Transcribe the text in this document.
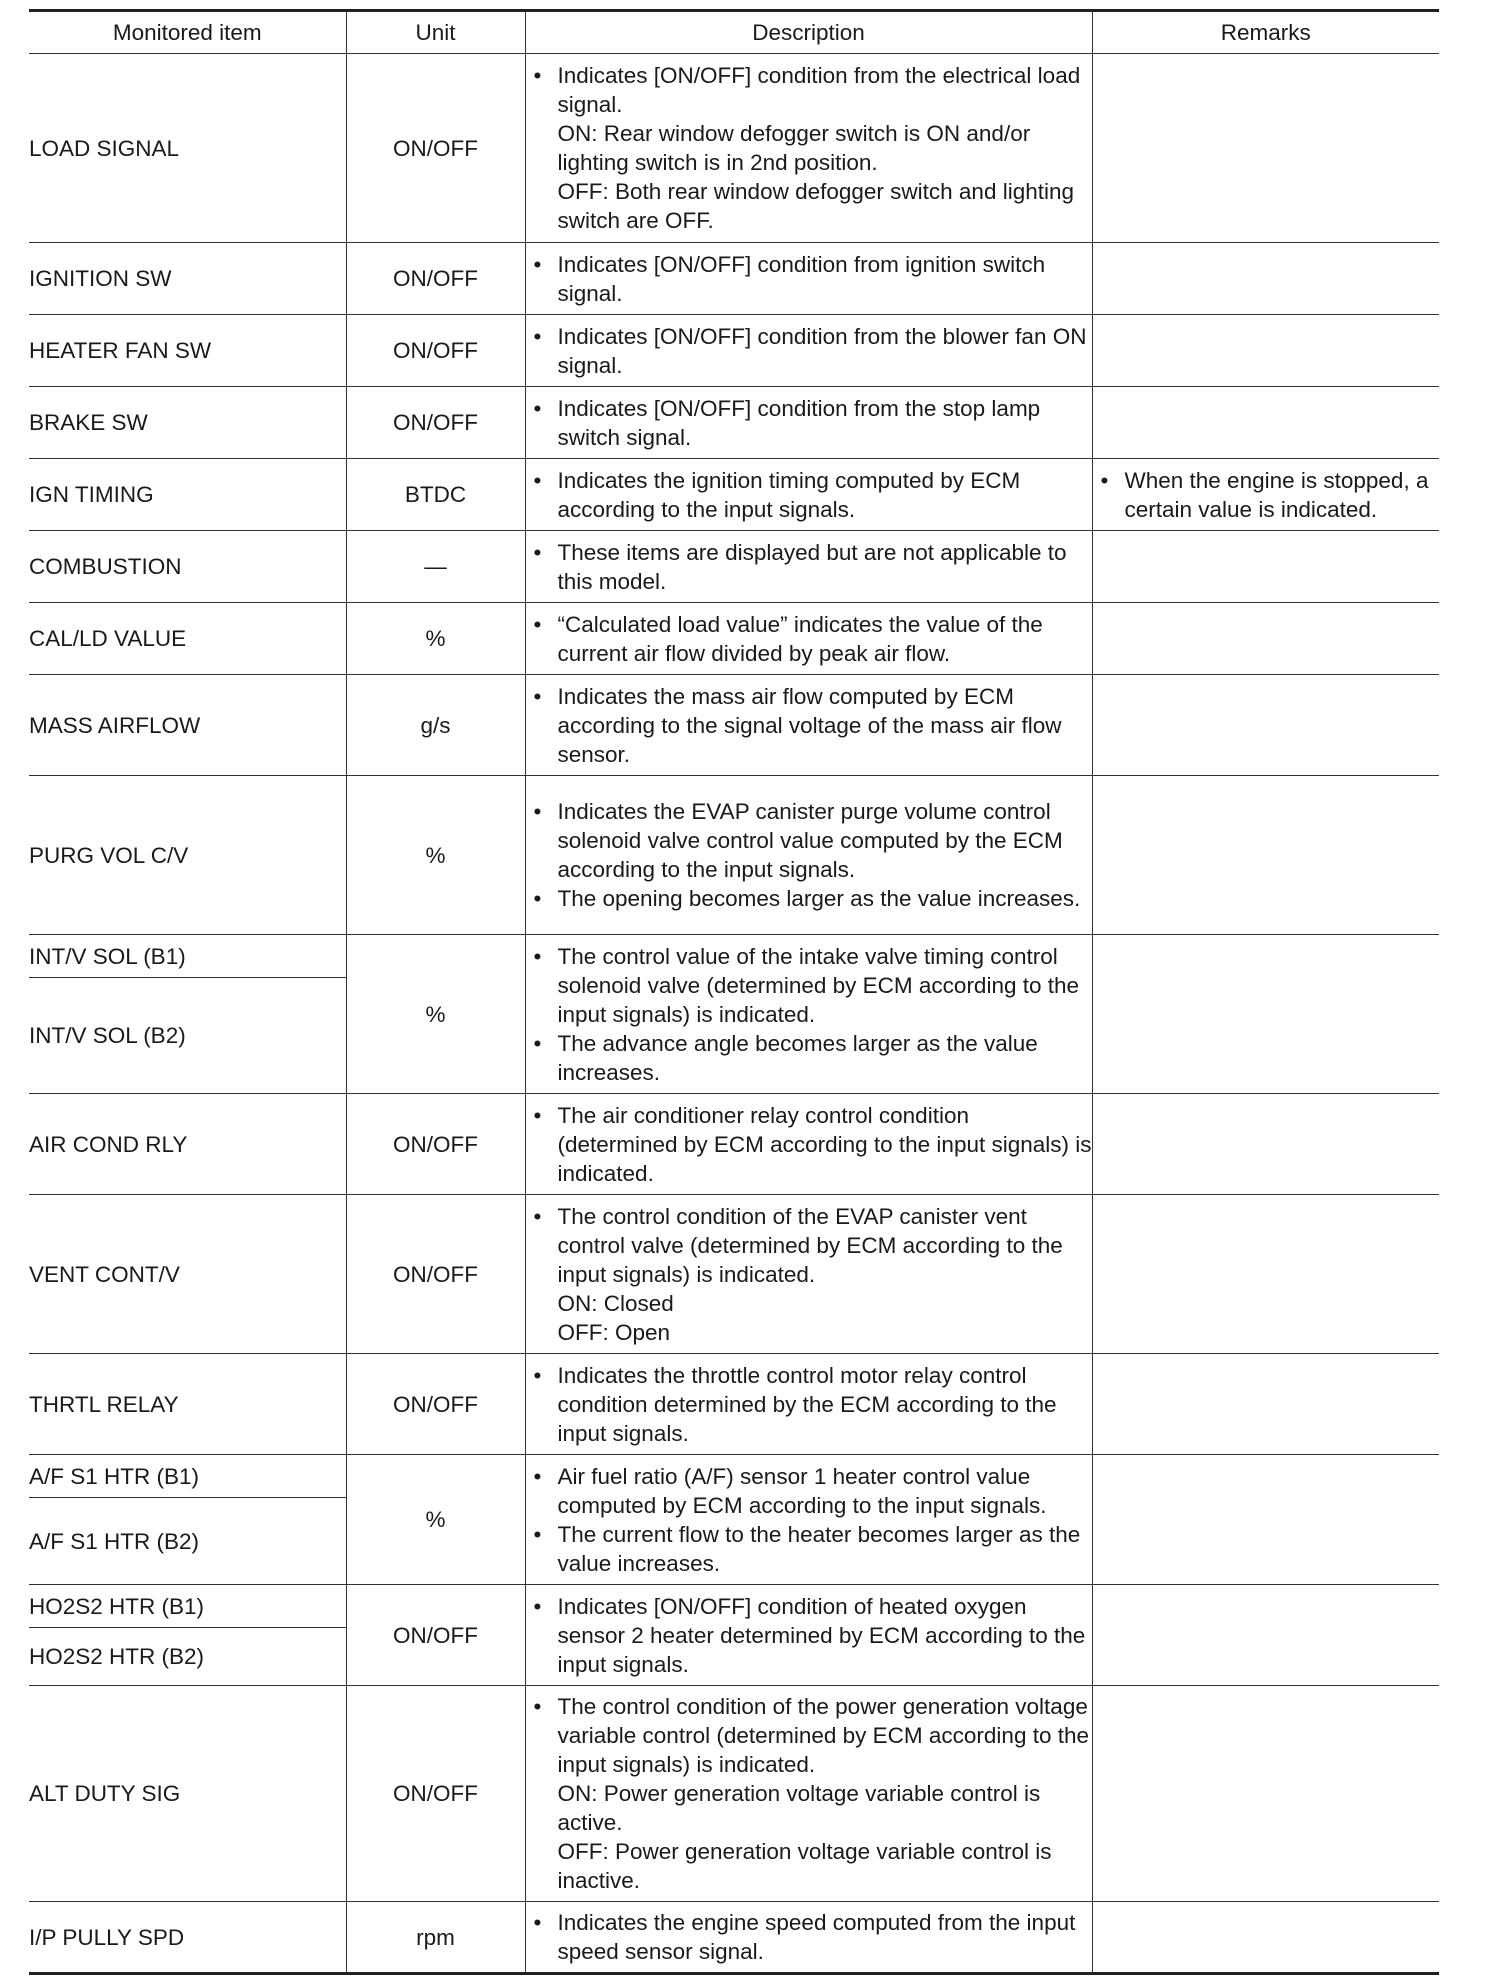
Monitored item	Unit	Description	Remarks
LOAD SIGNAL	ON/OFF	• Indicates [ON/OFF] condition from the electrical load signal.
ON: Rear window defogger switch is ON and/or lighting switch is in 2nd position.
OFF: Both rear window defogger switch and lighting switch are OFF.

IGNITION SW	ON/OFF	• Indicates [ON/OFF] condition from ignition switch signal.

HEATER FAN SW	ON/OFF	• Indicates [ON/OFF] condition from the blower fan ON signal.

BRAKE SW	ON/OFF	• Indicates [ON/OFF] condition from the stop lamp switch signal.

IGN TIMING	BTDC	• Indicates the ignition timing computed by ECM according to the input signals.	• When the engine is stopped, a certain value is indicated.

COMBUSTION	—	• These items are displayed but are not applicable to this model.

CAL/LD VALUE	%	• “Calculated load value” indicates the value of the current air flow divided by peak air flow.

MASS AIRFLOW	g/s	• Indicates the mass air flow computed by ECM according to the signal voltage of the mass air flow sensor.

PURG VOL C/V	%	• Indicates the EVAP canister purge volume control solenoid valve control value computed by the ECM according to the input signals.
• The opening becomes larger as the value increases.

INT/V SOL (B1)	%	• The control value of the intake valve timing control solenoid valve (determined by ECM according to the input signals) is indicated.
• The advance angle becomes larger as the value increases.

INT/V SOL (B2)			
AIR COND RLY	ON/OFF	• The air conditioner relay control condition (determined by ECM according to the input signals) is indicated.

VENT CONT/V	ON/OFF	• The control condition of the EVAP canister vent control valve (determined by ECM according to the input signals) is indicated.
ON: Closed
OFF: Open

THRTL RELAY	ON/OFF	• Indicates the throttle control motor relay control condition determined by the ECM according to the input signals.

A/F S1 HTR (B1)	%	• Air fuel ratio (A/F) sensor 1 heater control value computed by ECM according to the input signals.
• The current flow to the heater becomes larger as the value increases.

A/F S1 HTR (B2)			
HO2S2 HTR (B1)	ON/OFF	• Indicates [ON/OFF] condition of heated oxygen sensor 2 heater determined by ECM according to the input signals.

HO2S2 HTR (B2)			
ALT DUTY SIG	ON/OFF	• The control condition of the power generation voltage variable control (determined by ECM according to the input signals) is indicated.
ON: Power generation voltage variable control is active.
OFF: Power generation voltage variable control is inactive.

I/P PULLY SPD	rpm	• Indicates the engine speed computed from the input speed sensor signal.
